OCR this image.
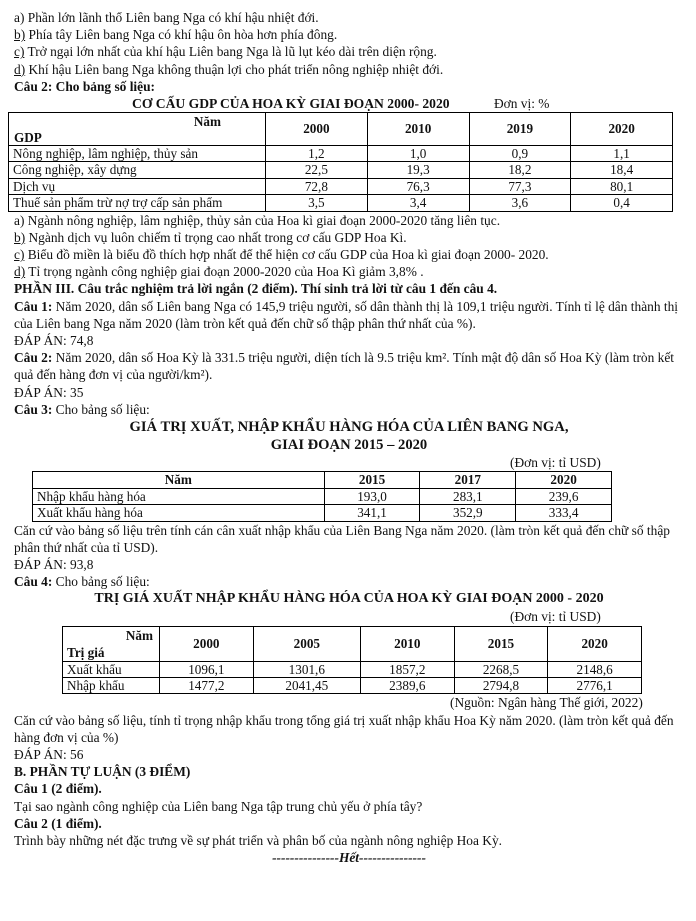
a) Phần lớn lãnh thổ Liên bang Nga có khí hậu nhiệt đới.
b) Phía tây Liên bang Nga có khí hậu ôn hòa hơn phía đông.
c) Trở ngại lớn nhất của khí hậu Liên bang Nga là lũ lụt kéo dài trên diện rộng.
d) Khí hậu Liên bang Nga không thuận lợi cho phát triển nông nghiệp nhiệt đới.
Câu 2: Cho bảng số liệu:
CƠ CẤU GDP CỦA HOA KỲ GIAI ĐOẠN 2000- 2020	Đơn vị: %
Năm
GDP	2000	2010	2019	2020
Nông nghiệp, lâm nghiệp, thủy sản	1,2	1,0	0,9	1,1
Công nghiệp, xây dựng	22,5	19,3	18,2	18,4
Dịch vụ	72,8	76,3	77,3	80,1
Thuế sản phẩm trừ nợ trợ cấp sản phẩm	3,5	3,4	3,6	0,4
a) Ngành nông nghiệp, lâm nghiệp, thủy sản của Hoa kì giai đoạn 2000-2020 tăng liên tục.
b) Ngành dịch vụ luôn chiếm tỉ trọng cao nhất trong cơ cấu GDP Hoa Kì.
c) Biểu đồ miền là biểu đồ thích hợp nhất để thể hiện cơ cấu GDP của Hoa kì giai đoạn 2000- 2020.
d) Tỉ trọng ngành công nghiệp giai đoạn 2000-2020 của Hoa Kì giảm 3,8% .
PHẦN III. Câu trắc nghiệm trả lời ngắn (2 điểm). Thí sinh trả lời từ câu 1 đến câu 4.
Câu 1: Năm 2020, dân số Liên bang Nga có 145,9 triệu người, số dân thành thị là 109,1 triệu người. Tính tỉ lệ dân thành thị của Liên bang Nga năm 2020 (làm tròn kết quả đến chữ số thập phân thứ nhất của %).
ĐÁP ÁN: 74,8
Câu 2: Năm 2020, dân số Hoa Kỳ là 331.5 triệu người, diện tích là 9.5 triệu km². Tính mật độ dân số Hoa Kỳ (làm tròn kết quả đến hàng đơn vị của người/km²).
ĐÁP ÁN: 35
Câu 3: Cho bảng số liệu:
GIÁ TRỊ XUẤT, NHẬP KHẨU HÀNG HÓA CỦA LIÊN BANG NGA,
GIAI ĐOẠN 2015 – 2020
(Đơn vị: tỉ USD)
Năm	2015	2017	2020
Nhập khẩu hàng hóa	193,0	283,1	239,6
Xuất khẩu hàng hóa	341,1	352,9	333,4
Căn cứ vào bảng số liệu trên tính cán cân xuất nhập khẩu của Liên Bang Nga năm 2020. (làm tròn kết quả đến chữ số thập phân thứ nhất của tỉ USD).
ĐÁP ÁN: 93,8
Câu 4: Cho bảng số liệu:
TRỊ GIÁ XUẤT NHẬP KHẨU HÀNG HÓA CỦA HOA KỲ GIAI ĐOẠN 2000 - 2020
(Đơn vị: tỉ USD)
Năm
Trị giá	2000	2005	2010	2015	2020
Xuất khẩu	1096,1	1301,6	1857,2	2268,5	2148,6
Nhập khẩu	1477,2	2041,45	2389,6	2794,8	2776,1
(Nguồn: Ngân hàng Thế giới, 2022)
Căn cứ vào bảng số liệu, tính tỉ trọng nhập khẩu trong tổng giá trị xuất nhập khẩu Hoa Kỳ năm 2020. (làm tròn kết quả đến hàng đơn vị của %)
ĐÁP ÁN: 56
B. PHẦN TỰ LUẬN (3 ĐIỂM)
Câu 1 (2 điểm).
Tại sao ngành công nghiệp của Liên bang Nga tập trung chủ yếu ở phía tây?
Câu 2 (1 điểm).
Trình bày những nét đặc trưng về sự phát triển và phân bố của ngành nông nghiệp Hoa Kỳ.
---------------Hết---------------
